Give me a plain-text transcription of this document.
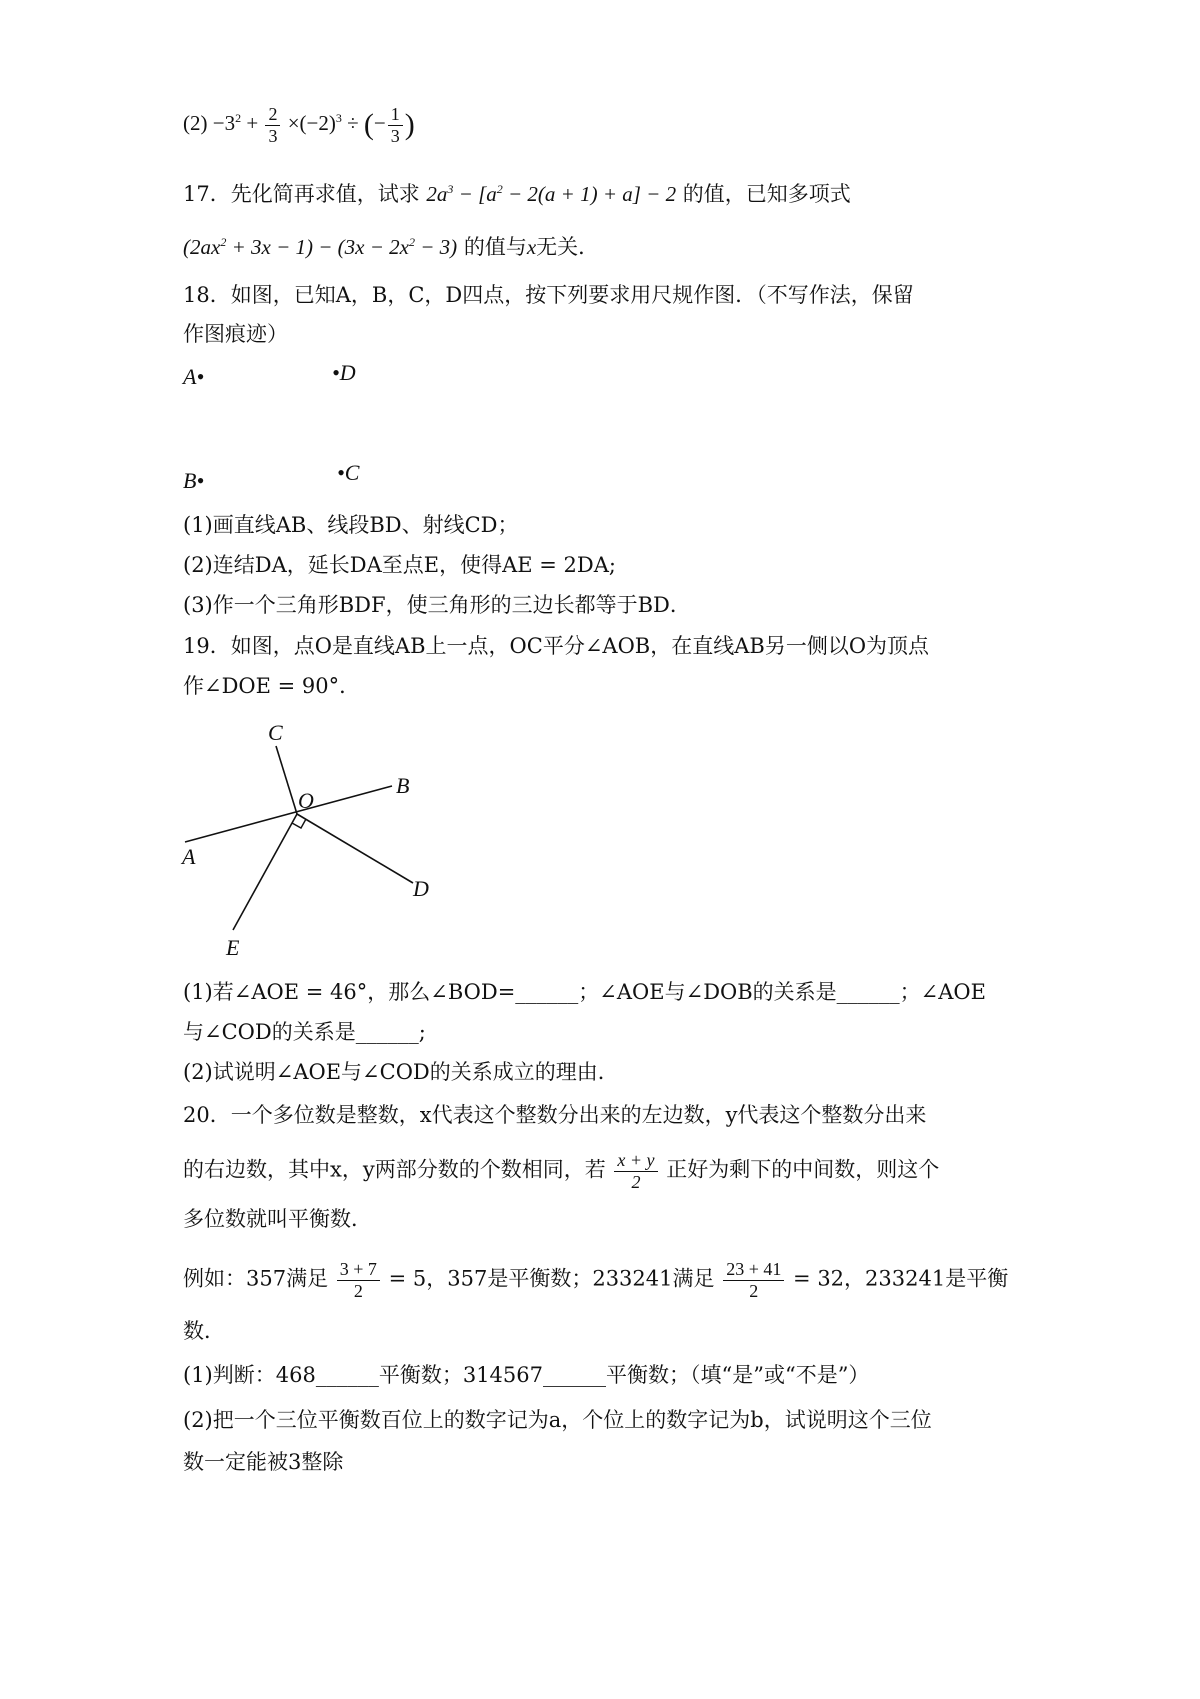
$(2) -3^2 + \frac{2}{3} \times(-2)^3$ ÷ (− $\frac{1}{3}$ )
17．先化简再求值，试求 $2a^3 - [a^2 - 2(a + 1) + a] - 2$ 的值，已知多项式
$(2ax^2 + 3x - 1) - (3x - 2x^2 - 3)$ 的值与x无关．
18．如图，已知A，B，C，D四点，按下列要求用尺规作图．（不写作法，保留
作图痕迹）
A•	•D
B•	•C
(1)画直线AB、线段BD、射线CD；
(2)连结DA，延长DA至点E，使得AE = 2DA;
(3)作一个三角形BDF，使三角形的三边长都等于BD．
19．如图，点O是直线AB上一点，OC平分∠AOB，在直线AB另一侧以O为顶点
作∠DOE = 90°．
C
B
O
A
D
E
(1)若∠AOE = 46°，那么∠BOD=______；∠AOE与∠DOB的关系是______；∠AOE
与∠COD的关系是______;
(2)试说明∠AOE与∠COD的关系成立的理由．
20．一个多位数是整数，x代表这个整数分出来的左边数，y代表这个整数分出来
的右边数，其中x，y两部分数的个数相同，若 $\frac{x + y}{2}$ 正好为剩下的中间数，则这个
多位数就叫平衡数．
例如：357满足 $\frac{3 + 7}{2} = 5$，357是平衡数；233241满足 $\frac{23 + 41}{2} = 32$，233241是平衡
数．
(1)判断：468______平衡数；314567______平衡数；（填“是”或“不是”）
(2)把一个三位平衡数百位上的数字记为a，个位上的数字记为b，试说明这个三位
数一定能被3整除
